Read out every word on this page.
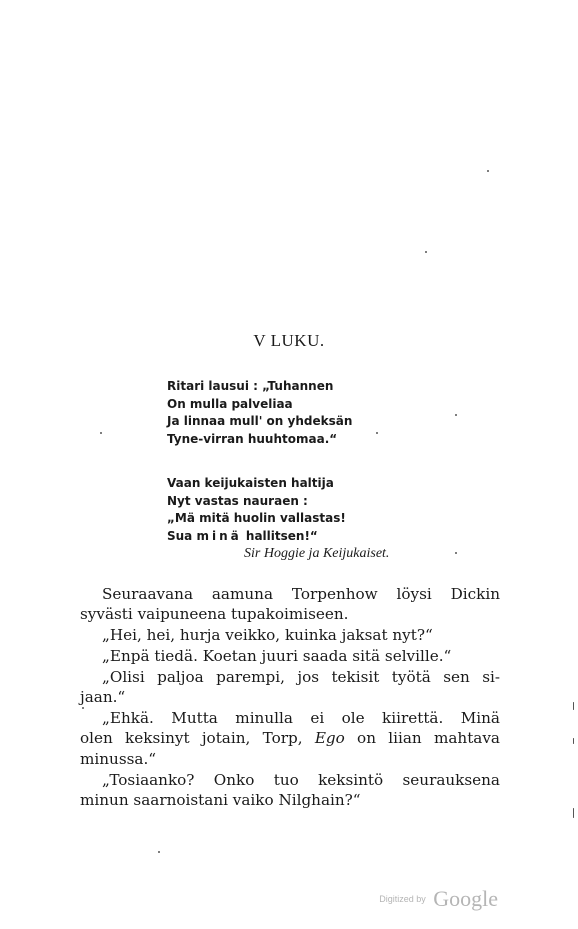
V LUKU.
Ritari lausui : „Tuhannen
On mulla palveliaa
Ja linnaa mull' on yhdeksän
Tyne-virran huuhtomaa.“
Vaan keijukaisten haltija
Nyt vastas nauraen :
„Mä mitä huolin vallastas!
Sua minä hallitsen!“
Sir Hoggie ja Keijukaiset.
Seuraavana aamuna Torpenhow löysi Dickin
syvästi vaipuneena tupakoimiseen.
„Hei, hei, hurja veikko, kuinka jaksat nyt?“
„Enpä tiedä. Koetan juuri saada sitä selville.“
„Olisi paljoa parempi, jos tekisit työtä sen si-
jaan.“
„Ehkä. Mutta minulla ei ole kiirettä. Minä
olen keksinyt jotain, Torp, Ego on liian mahtava
minussa.“
„Tosiaanko? Onko tuo keksintö seurauksena
minun saarnoistani vaiko Nilghain?“
Digitized by Google
